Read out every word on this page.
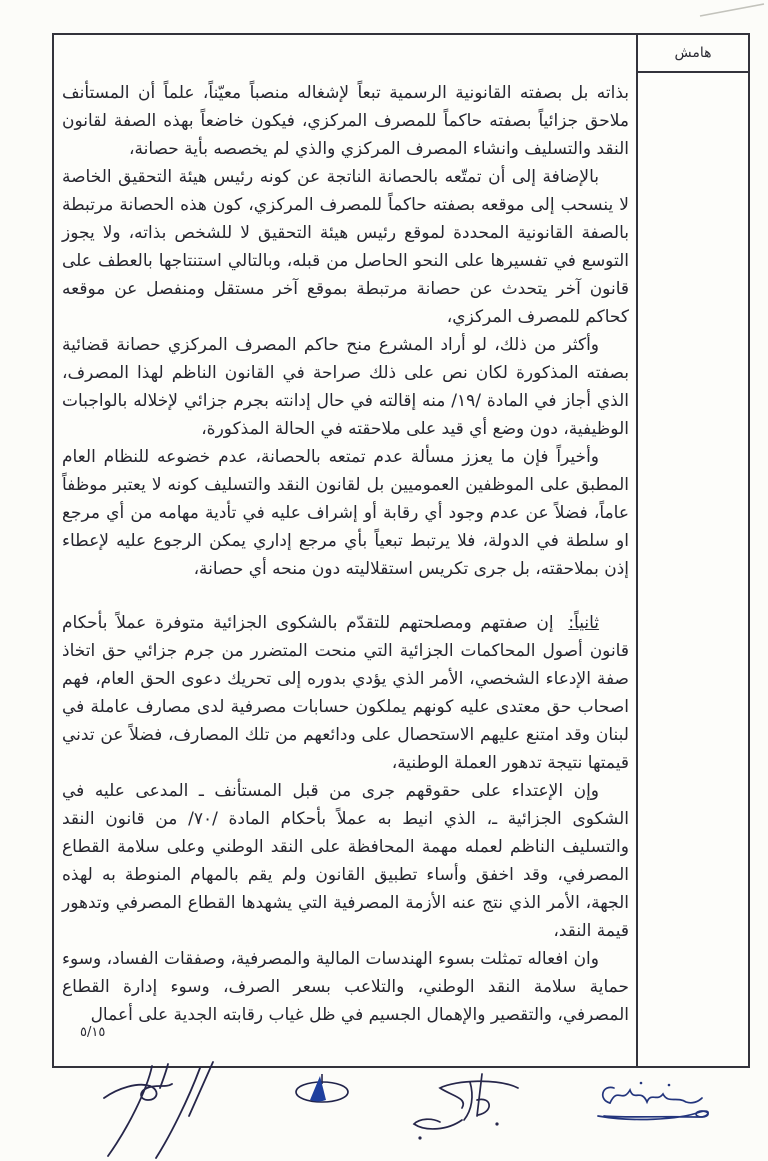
هامش

بذاته بل بصفته القانونية الرسمية تبعاً لإشغاله منصباً معيّناً، علماً أن المستأنف ملاحق جزائياً بصفته حاكماً للمصرف المركزي، فيكون خاضعاً بهذه الصفة لقانون النقد والتسليف وانشاء المصرف المركزي والذي لم يخصصه بأية حصانة،

بالإضافة إلى أن تمتّعه بالحصانة الناتجة عن كونه رئيس هيئة التحقيق الخاصة لا ينسحب إلى موقعه بصفته حاكماً للمصرف المركزي، كون هذه الحصانة مرتبطة بالصفة القانونية المحددة لموقع رئيس هيئة التحقيق لا للشخص بذاته، ولا يجوز التوسع في تفسيرها على النحو الحاصل من قبله، وبالتالي استنتاجها بالعطف على قانون آخر يتحدث عن حصانة مرتبطة بموقع آخر مستقل ومنفصل عن موقعه كحاكم للمصرف المركزي،

وأكثر من ذلك، لو أراد المشرع منح حاكم المصرف المركزي حصانة قضائية بصفته المذكورة لكان نص على ذلك صراحة في القانون الناظم لهذا المصرف، الذي أجاز في المادة /١٩/ منه إقالته في حال إدانته بجرم جزائي لإخلاله بالواجبات الوظيفية، دون وضع أي قيد على ملاحقته في الحالة المذكورة،

وأخيراً فإن ما يعزز مسألة عدم تمتعه بالحصانة، عدم خضوعه للنظام العام المطبق على الموظفين العموميين بل لقانون النقد والتسليف كونه لا يعتبر موظفاً عاماً، فضلاً عن عدم وجود أي رقابة أو إشراف عليه في تأدية مهامه من أي مرجع او سلطة في الدولة، فلا يرتبط تبعياً بأي مرجع إداري يمكن الرجوع عليه لإعطاء إذن بملاحقته، بل جرى تكريس استقلاليته دون منحه أي حصانة،

ثانياً: إن صفتهم ومصلحتهم للتقدّم بالشكوى الجزائية متوفرة عملاً بأحكام قانون أصول المحاكمات الجزائية التي منحت المتضرر من جرم جزائي حق اتخاذ صفة الإدعاء الشخصي، الأمر الذي يؤدي بدوره إلى تحريك دعوى الحق العام، فهم اصحاب حق معتدى عليه كونهم يملكون حسابات مصرفية لدى مصارف عاملة في لبنان وقد امتنع عليهم الاستحصال على ودائعهم من تلك المصارف، فضلاً عن تدني قيمتها نتيجة تدهور العملة الوطنية،

وإن الإعتداء على حقوقهم جرى من قبل المستأنف ـ المدعى عليه في الشكوى الجزائية ـ، الذي انيط به عملاً بأحكام المادة /٧٠/ من قانون النقد والتسليف الناظم لعمله مهمة المحافظة على النقد الوطني وعلى سلامة القطاع المصرفي، وقد اخفق وأساء تطبيق القانون ولم يقم بالمهام المنوطة به لهذه الجهة، الأمر الذي نتج عنه الأزمة المصرفية التي يشهدها القطاع المصرفي وتدهور قيمة النقد،

وان افعاله تمثلت بسوء الهندسات المالية والمصرفية، وصفقات الفساد، وسوء حماية سلامة النقد الوطني، والتلاعب بسعر الصرف، وسوء إدارة القطاع المصرفي، والتقصير والإهمال الجسيم في ظل غياب رقابته الجدية على أعمال

٥/١٥
